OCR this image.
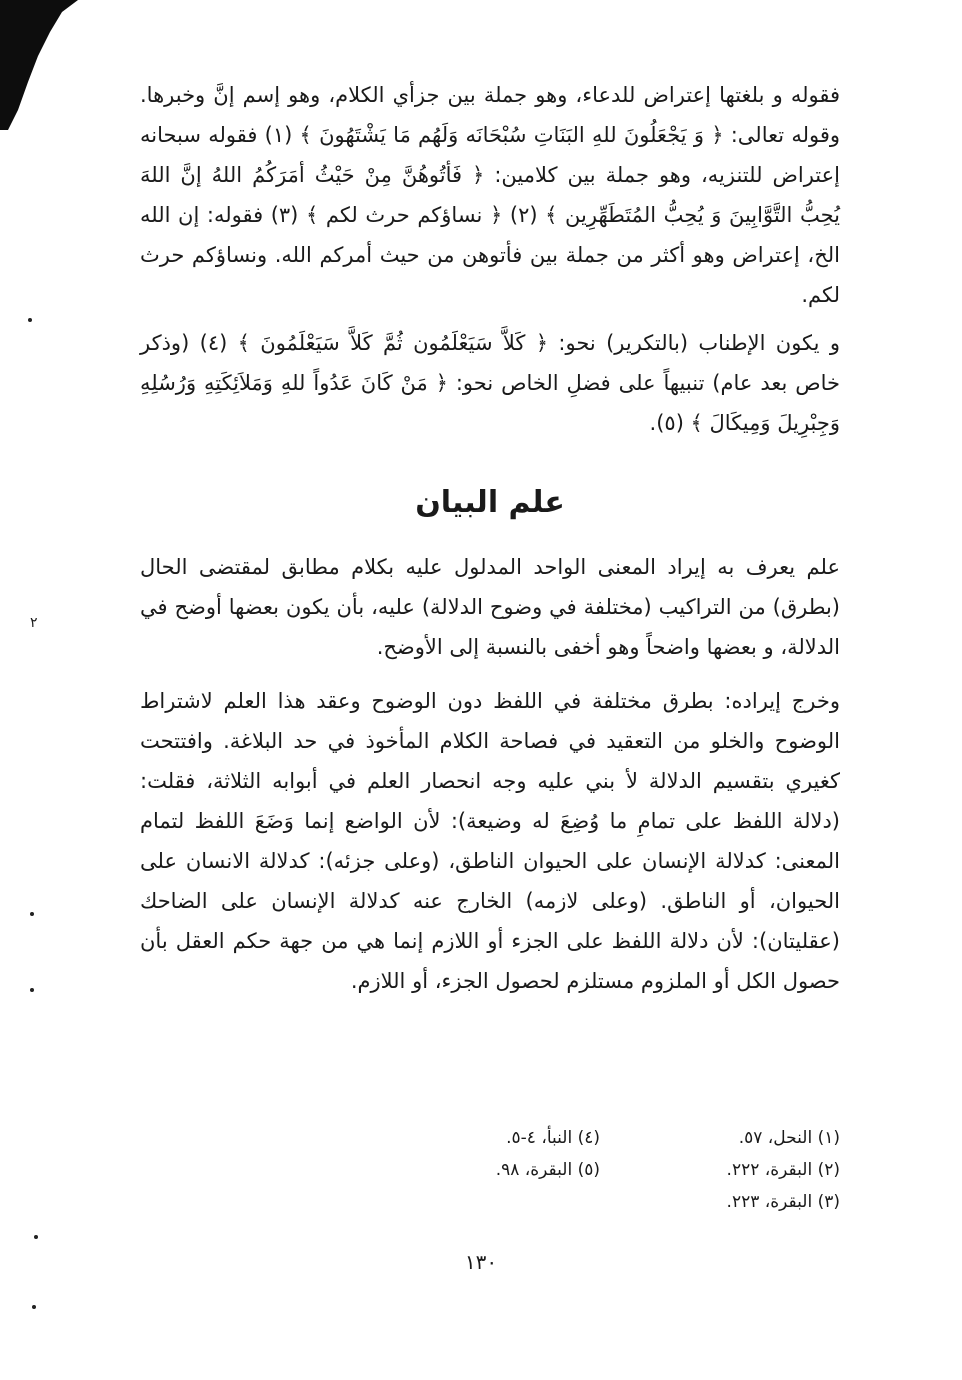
٢

فقوله و بلغتها إعتراض للدعاء، وهو جملة بين جزأي الكلام، وهو إسم إنَّ وخبرها. وقوله تعالى: ﴿ وَ يَجْعَلُونَ للهِ البَنَاتِ سُبْحَانَه وَلَهُم مَا يَشْتَهُونَ ﴾ (١) فقوله سبحانه إعتراض للتنزيه، وهو جملة بين كلامين: ﴿ فَأتُوهُنَّ مِنْ حَيْثُ أمَرَكُمُ اللهُ إنَّ اللهَ يُحِبُّ التَّوَّابِينَ وَ يُحِبُّ المُتَطَهِّرِين ﴾ (٢) ﴿ نساؤكم حرث لكم ﴾ (٣) فقوله: إن الله الخ، إعتراض وهو أكثر من جملة بين فأتوهن من حيث أمركم الله. ونساؤكم حرث لكم.

و يكون الإطناب (بالتكرير) نحو: ﴿ كَلاَّ سَيَعْلَمُون ثُمَّ كَلاَّ سَيَعْلَمُونَ ﴾ (٤) (وذكر خاص بعد عام) تنبيهاً على فضلِ الخاص نحو: ﴿ مَنْ كَانَ عَدُواً للهِ وَمَلاَئِكَتِهِ وَرُسُلِهِ وَجِبْرِيلَ وَمِيكَالَ ﴾ (٥).

علم البيان

علم يعرف به إيراد المعنى الواحد المدلول عليه بكلام مطابق لمقتضى الحال (بطرق) من التراكيب (مختلفة في وضوح الدلالة) عليه، بأن يكون بعضها أوضح في الدلالة، و بعضها واضحاً وهو أخفى بالنسبة إلى الأوضح.

وخرج إيراده: بطرق مختلفة في اللفظ دون الوضوح وعقد هذا العلم لاشتراط الوضوح والخلو من التعقيد في فصاحة الكلام المأخوذ في حد البلاغة. وافتتحت كغيري بتقسيم الدلالة لأ بني عليه وجه انحصار العلم في أبوابه الثلاثة، فقلت: (دلالة اللفظ على تمامِ ما وُضِعَ له وضيعة): لأن الواضع إنما وَضَعَ اللفظ لتمام المعنى: كدلالة الإنسان على الحيوان الناطق، (وعلى جزئه): كدلالة الانسان على الحيوان، أو الناطق. (وعلى لازمه) الخارج عنه كدلالة الإنسان على الضاحك (عقليتان): لأن دلالة اللفظ على الجزء أو اللازم إنما هي من جهة حكم العقل بأن حصول الكل أو الملزوم مستلزم لحصول الجزء، أو اللازم.

(١) النحل، ٥٧.
(٢) البقرة، ٢٢٢.
(٣) البقرة، ٢٢٣.
(٤) النبأ، ٤-٥.
(٥) البقرة، ٩٨.
١٣٠
